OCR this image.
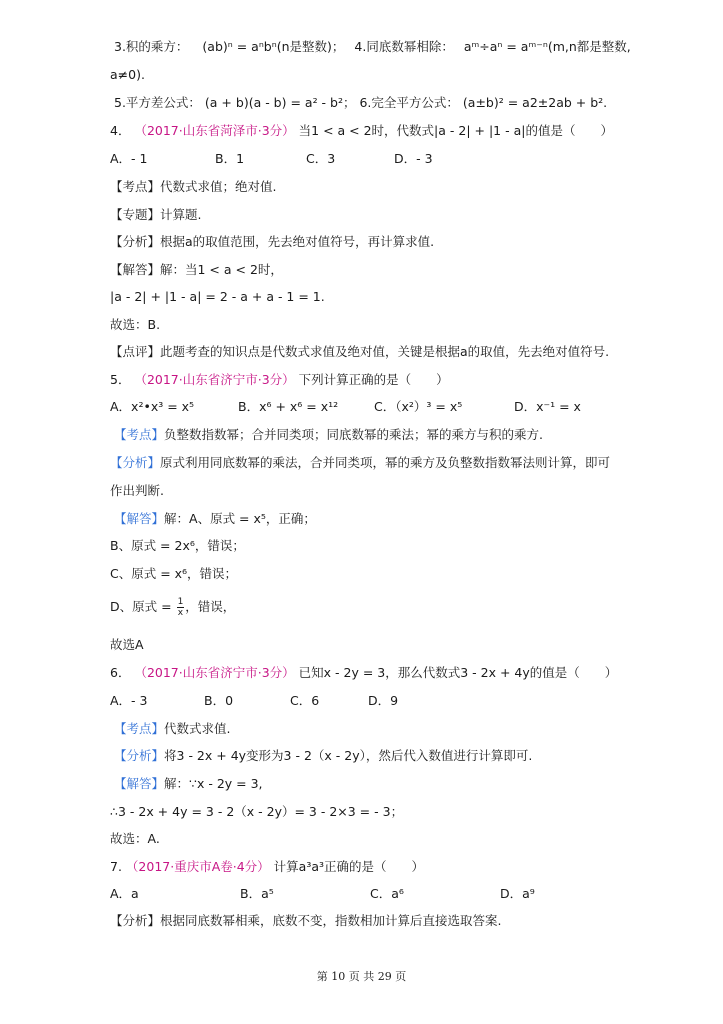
3.积的乘方： (ab)ⁿ = aⁿbⁿ(n是整数)； 4.同底数幂相除： aᵐ÷aⁿ = aᵐ⁻ⁿ(m,n都是整数,
a≠0).
5.平方差公式： (a + b)(a - b) = a² - b²； 6.完全平方公式： (a±b)² = a2±2ab + b².
4． （2017·山东省菏泽市·3分） 当1 < a < 2时，代数式|a - 2| + |1 - a|的值是（　　）
A．- 1	B．1	C．3	D．- 3
【考点】代数式求值；绝对值.
【专题】计算题.
【分析】根据a的取值范围，先去绝对值符号，再计算求值.
【解答】解：当1 < a < 2时，
|a - 2| + |1 - a| = 2 - a + a - 1 = 1.
故选：B.
【点评】此题考查的知识点是代数式求值及绝对值，关键是根据a的取值，先去绝对值符号.
5． （2017·山东省济宁市·3分） 下列计算正确的是（　　）
A．x²•x³ = x⁵	B．x⁶ + x⁶ = x¹²	C．（x²）³ = x⁵	D．x⁻¹ = x
【考点】负整数指数幂；合并同类项；同底数幂的乘法；幂的乘方与积的乘方.
【分析】原式利用同底数幂的乘法，合并同类项，幂的乘方及负整数指数幂法则计算，即可
作出判断.
【解答】解：A、原式 = x⁵，正确；
B、原式 = 2x⁶，错误；
C、原式 = x⁶，错误；
D、原式 = $\frac{1}{x}$ ，错误，
故选A
6． （2017·山东省济宁市·3分） 已知x - 2y = 3，那么代数式3 - 2x + 4y的值是（　　）
A．- 3	B．0	C．6	D．9
【考点】代数式求值.
【分析】将3 - 2x + 4y变形为3 - 2（x - 2y），然后代入数值进行计算即可.
【解答】解：∵x - 2y = 3,
∴3 - 2x + 4y = 3 - 2（x - 2y）= 3 - 2×3 = - 3；
故选：A.
7. （2017·重庆市A卷·4分） 计算a³a³正确的是（　　）
A．a	B．a⁵	C．a⁶	D．a⁹
【分析】根据同底数幂相乘，底数不变，指数相加计算后直接选取答案.
第 10 页 共 29 页
